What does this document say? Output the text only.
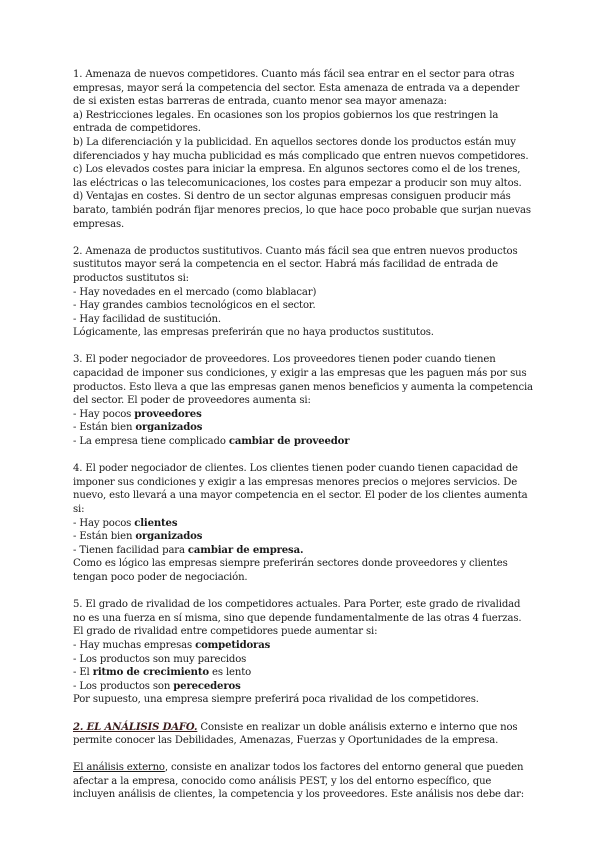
1. Amenaza de nuevos competidores. Cuanto más fácil sea entrar en el sector para otras empresas, mayor será la competencia del sector. Esta amenaza de entrada va a depender de si existen estas barreras de entrada, cuanto menor sea mayor amenaza:

a) Restricciones legales. En ocasiones son los propios gobiernos los que restringen la entrada de competidores.

b) La diferenciación y la publicidad. En aquellos sectores donde los productos están muy diferenciados y hay mucha publicidad es más complicado que entren nuevos competidores.

c) Los elevados costes para iniciar la empresa. En algunos sectores como el de los trenes, las eléctricas o las telecomunicaciones, los costes para empezar a producir son muy altos.

d) Ventajas en costes. Si dentro de un sector algunas empresas consiguen producir más barato, también podrán fijar menores precios, lo que hace poco probable que surjan nuevas empresas.

2. Amenaza de productos sustitutivos. Cuanto más fácil sea que entren nuevos productos sustitutos mayor será la competencia en el sector. Habrá más facilidad de entrada de productos sustitutos si:

- Hay novedades en el mercado (como blablacar)

- Hay grandes cambios tecnológicos en el sector.

- Hay facilidad de sustitución.

Lógicamente, las empresas preferirán que no haya productos sustitutos.

3. El poder negociador de proveedores. Los proveedores tienen poder cuando tienen capacidad de imponer sus condiciones, y exigir a las empresas que les paguen más por sus productos. Esto lleva a que las empresas ganen menos beneficios y aumenta la competencia del sector. El poder de proveedores aumenta si:

- Hay pocos proveedores

- Están bien organizados

- La empresa tiene complicado cambiar de proveedor

4. El poder negociador de clientes. Los clientes tienen poder cuando tienen capacidad de imponer sus condiciones y exigir a las empresas menores precios o mejores servicios. De nuevo, esto llevará a una mayor competencia en el sector. El poder de los clientes aumenta si:

- Hay pocos clientes

- Están bien organizados

- Tienen facilidad para cambiar de empresa.

Como es lógico las empresas siempre preferirán sectores donde proveedores y clientes tengan poco poder de negociación.

5. El grado de rivalidad de los competidores actuales. Para Porter, este grado de rivalidad no es una fuerza en sí misma, sino que depende fundamentalmente de las otras 4 fuerzas. El grado de rivalidad entre competidores puede aumentar si:

- Hay muchas empresas competidoras

- Los productos son muy parecidos

- El ritmo de crecimiento es lento

- Los productos son perecederos

Por supuesto, una empresa siempre preferirá poca rivalidad de los competidores.

2. EL ANÁLISIS DAFO. Consiste en realizar un doble análisis externo e interno que nos permite conocer las Debilidades, Amenazas, Fuerzas y Oportunidades de la empresa.

El análisis externo, consiste en analizar todos los factores del entorno general que pueden afectar a la empresa, conocido como análisis PEST, y los del entorno específico, que incluyen análisis de clientes, la competencia y los proveedores. Este análisis nos debe dar:
